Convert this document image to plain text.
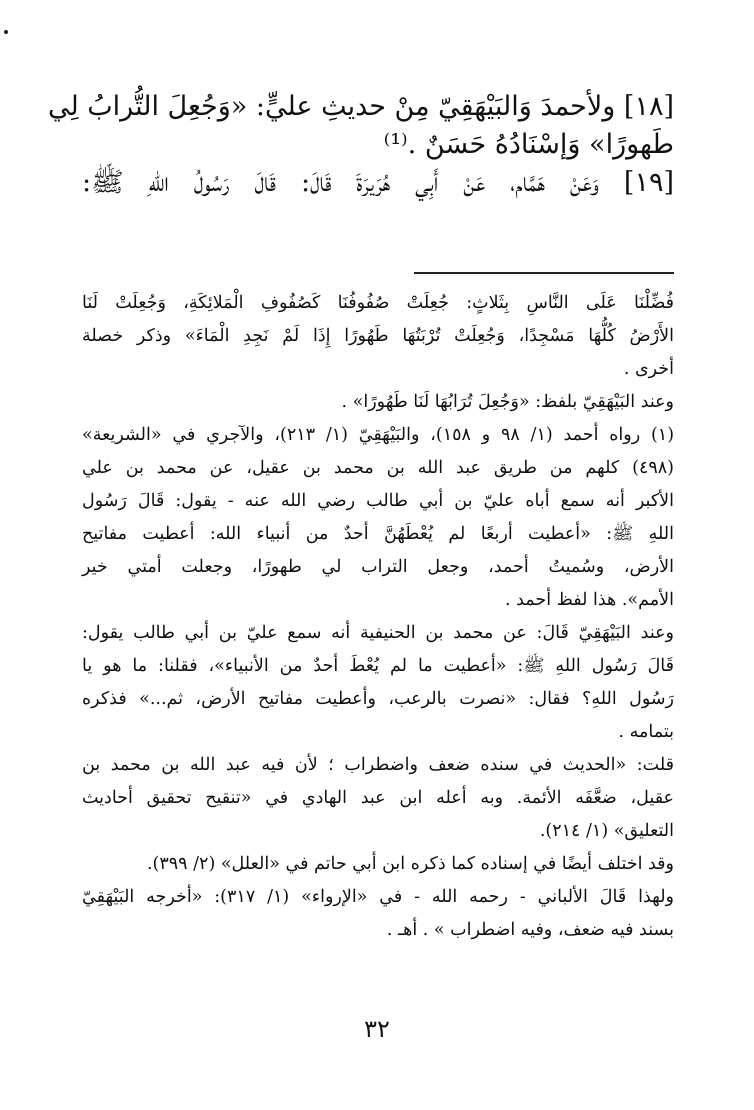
[١٨] ولأحمدَ وَالبَيْهَقِيّ مِنْ حديثِ عليٍّ: «وَجُعِلَ التُّرابُ لِي
طَهورًا» وَإسْنَادُهُ حَسَنٌ .⁽¹⁾
[١٩] وَعَنْ هَمَّام، عَنْ أَبِي هُرَيرَةَ قَالَ: قَالَ رَسُولُ اللهِ ﷺ:
فُضِّلْنَا عَلَى النَّاسِ بِثَلاثٍ: جُعِلَتْ صُفُوفُنَا كَصُفُوفِ الْمَلائِكَةِ، وَجُعِلَتْ لَنَا
الأَرْضُ كُلُّهَا مَسْجِدًا، وَجُعِلَتْ تُرْبَتُهَا طَهُورًا إِذَا لَمْ نَجِدِ الْمَاءَ» وذكر خصلة
أخرى .
وعند البَيْهَقِيّ بلفظ: «وَجُعِلَ تُرَابُهَا لَنَا طَهُورًا» .
(١) رواه أحمد (١/ ٩٨ و ١٥٨)، والبَيْهَقِيّ (١/ ٢١٣)، والآجري في «الشريعة»
(٤٩٨) كلهم من طريق عبد الله بن محمد بن عقيل، عن محمد بن علي
الأكبر أنه سمع أباه عليّ بن أبي طالب رضي الله عنه - يقول: قَالَ رَسُول
اللهِ ﷺ: «أعطيت أربعًا لم يُعْطَهُنَّ أحدٌ من أنبياء الله: أعطيت مفاتيح
الأرض، وسُميتُ أحمد، وجعل التراب لي طهورًا، وجعلت أمتي خير
الأمم». هذا لفظ أحمد .
وعند البَيْهَقِيّ قَالَ: عن محمد بن الحنيفية أنه سمع عليّ بن أبي طالب يقول:
قَالَ رَسُول اللهِ ﷺ: «أعطيت ما لم يُعْطَ أحدٌ من الأنبياء»، فقلنا: ما هو يا
رَسُول اللهِ؟ فقال: «نصرت بالرعب، وأعطيت مفاتيح الأرض، ثم...» فذكره
بتمامه .
قلت: «الحديث في سنده ضعف واضطراب ؛ لأن فيه عبد الله بن محمد بن
عقيل، ضعَّفَه الأئمة. وبه أعله ابن عبد الهادي في «تنقيح تحقيق أحاديث
التعليق» (١/ ٢١٤).
وقد اختلف أيضًا في إسناده كما ذكره ابن أبي حاتم في «العلل» (٢/ ٣٩٩).
ولهذا قَالَ الألباني - رحمه الله - في «الإرواء» (١/ ٣١٧): «أخرجه البَيْهَقِيّ
بسند فيه ضعف، وفيه اضطراب » . أهـ .
٣٢
